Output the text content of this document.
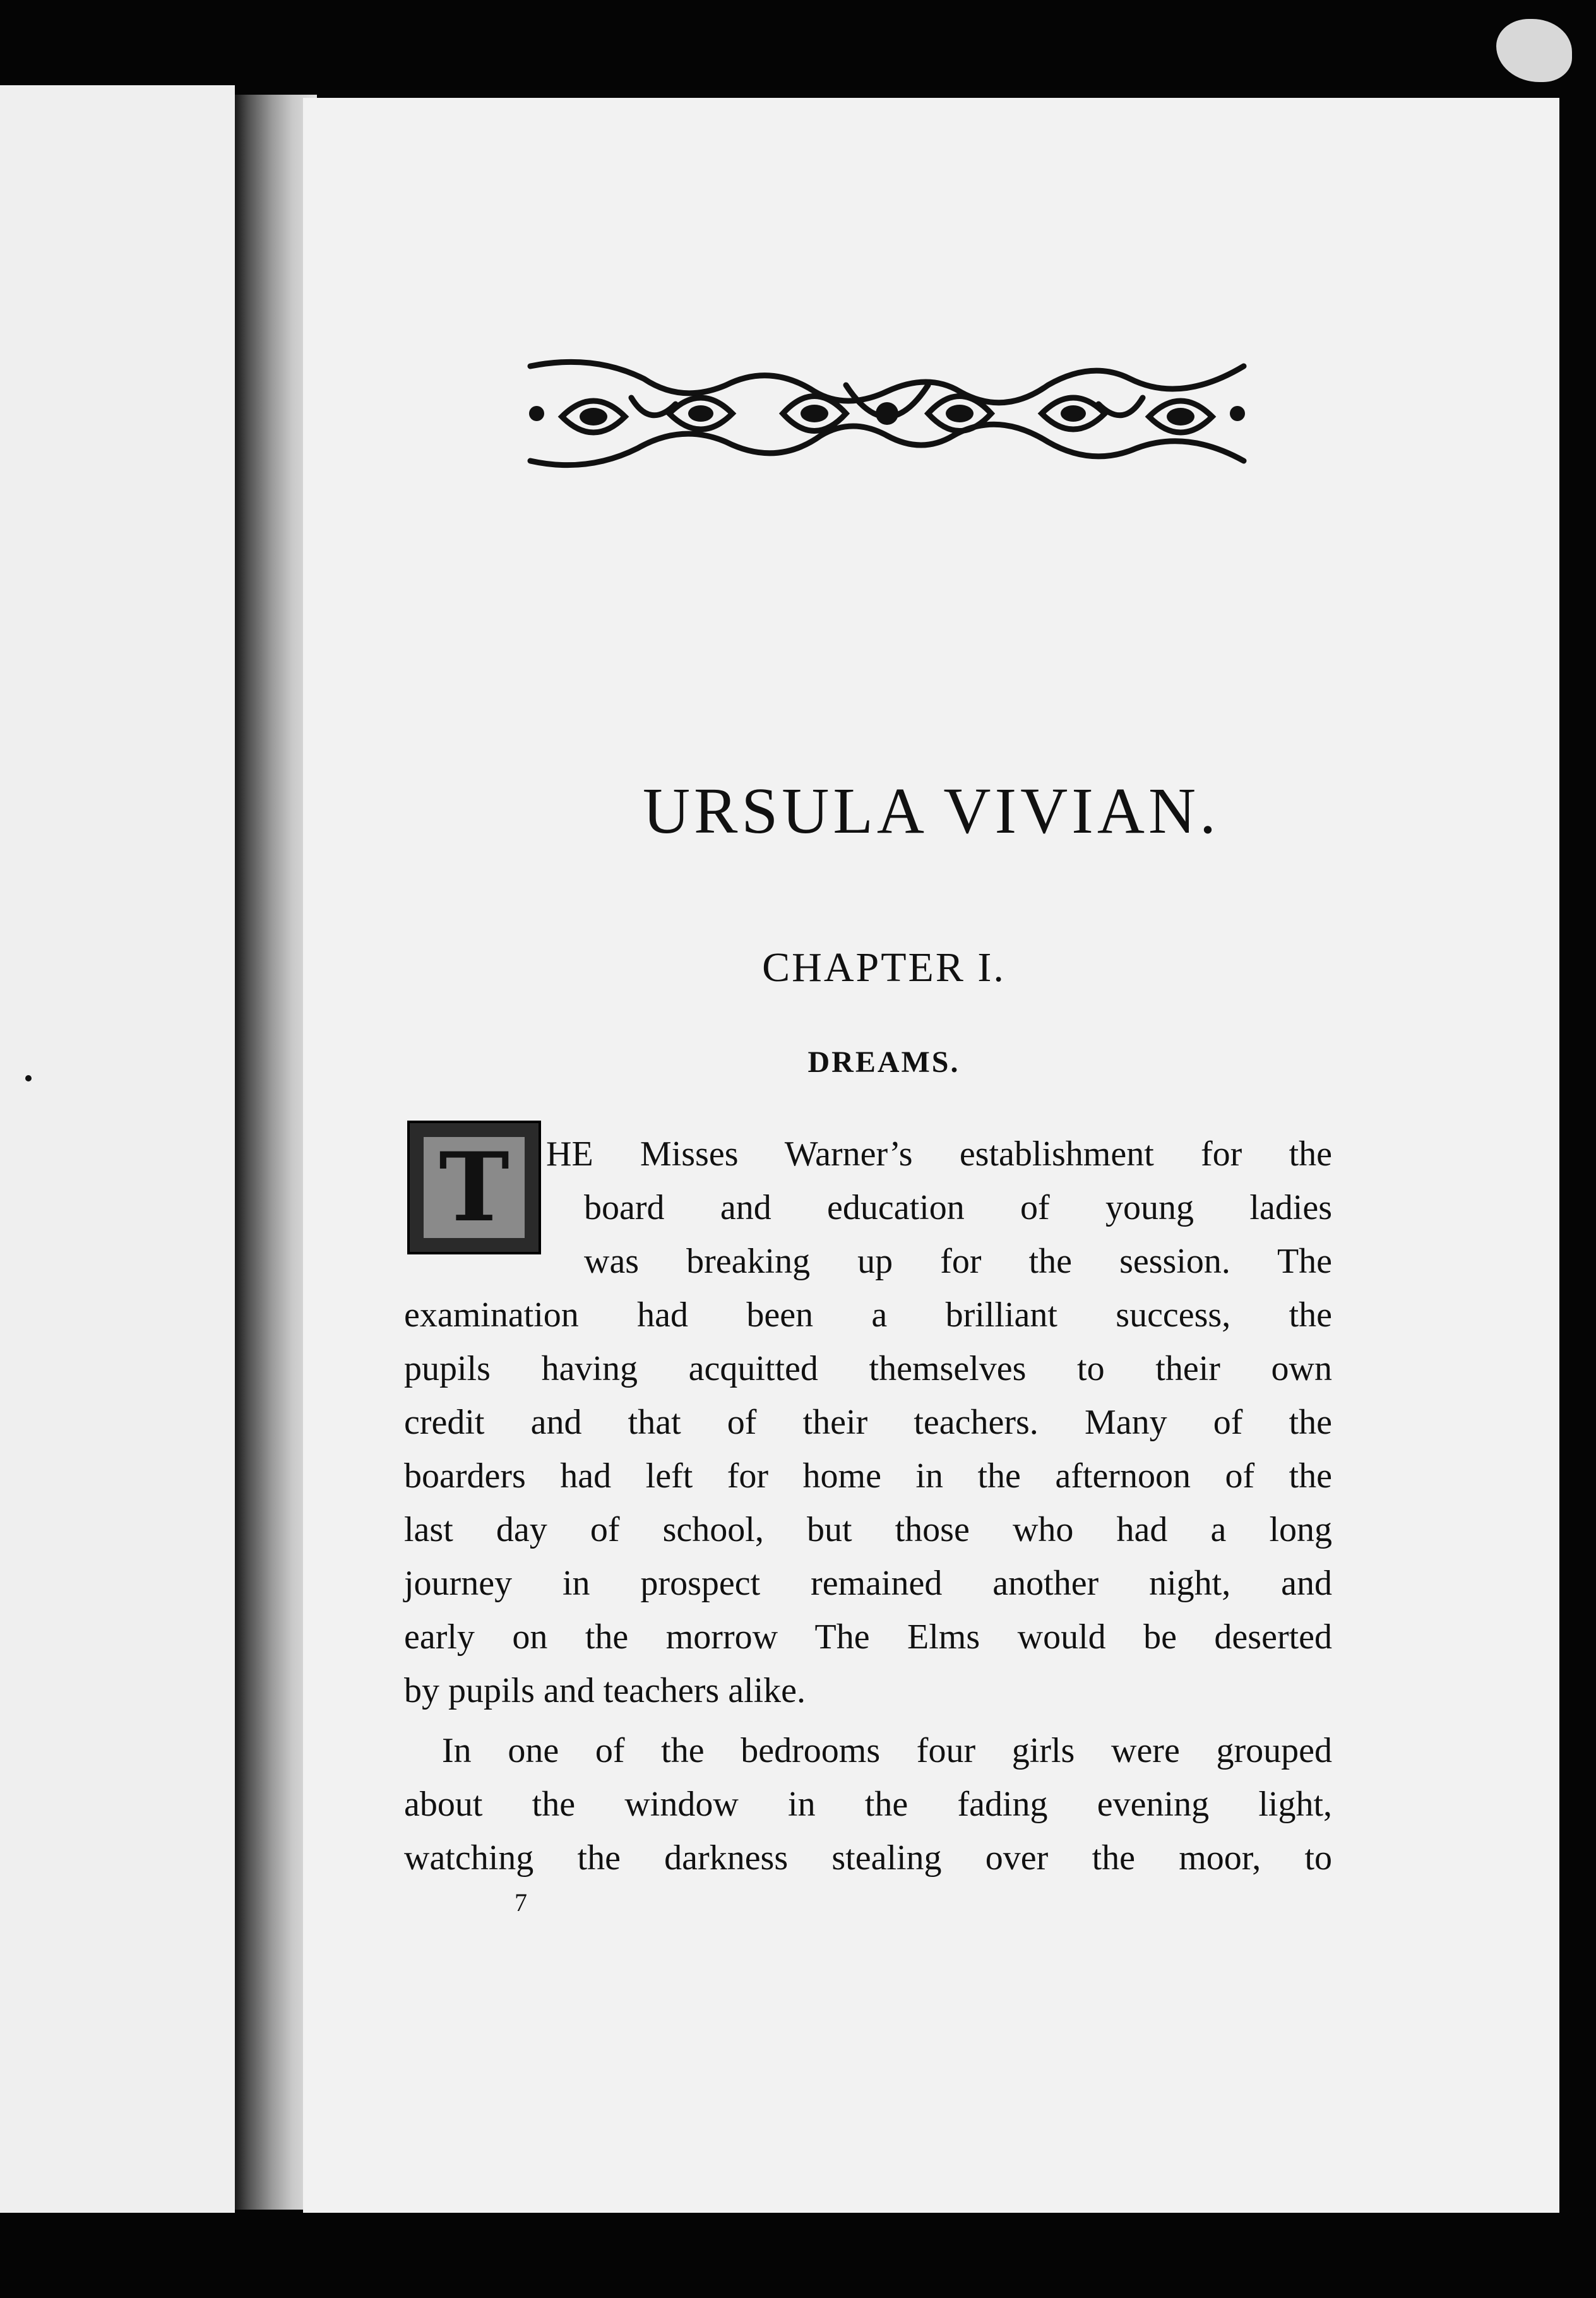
URSULA VIVIAN.
CHAPTER I.
DREAMS.
T	HE Misses Warner’s establishment for the

board and education of young ladies

was breaking up for the session. The

examination had been a brilliant success, the

pupils having acquitted themselves to their own

credit and that of their teachers. Many of the

boarders had left for home in the afternoon of the

last day of school, but those who had a long

journey in prospect remained another night, and

early on the morrow The Elms would be deserted

by pupils and teachers alike.

In one of the bedrooms four girls were grouped

about the window in the fading evening light,

watching the darkness stealing over the moor, to

7
